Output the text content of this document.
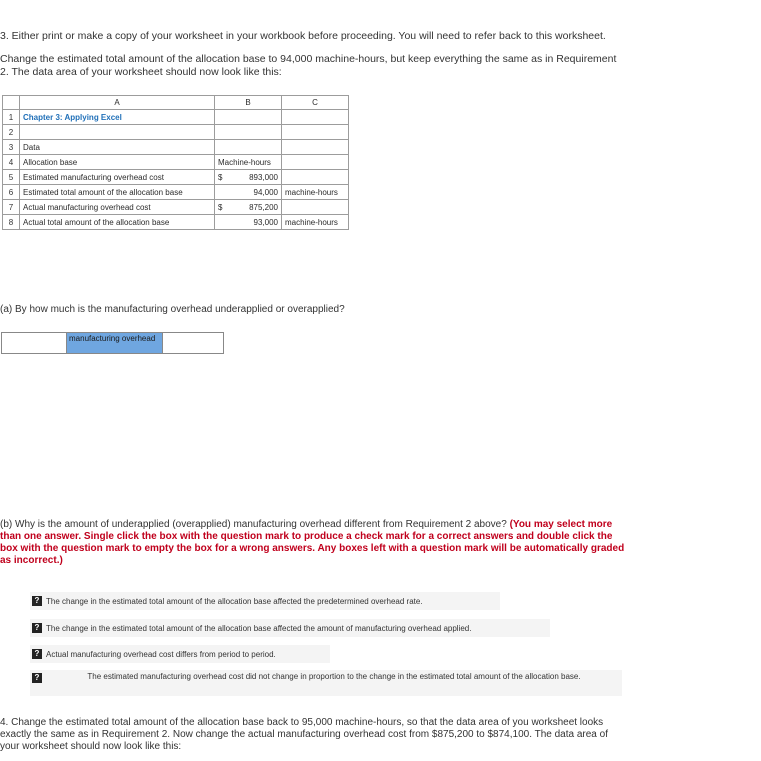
3. Either print or make a copy of your worksheet in your workbook before proceeding. You will need to refer back to this worksheet.
Change the estimated total amount of the allocation base to 94,000 machine-hours, but keep everything the same as in Requirement
2. The data area of your worksheet should now look like this:
	A	B	C
1	Chapter 3: Applying Excel		
2			
3	Data		
4	Allocation base	Machine-hours	
5	Estimated manufacturing overhead cost	$ 893,000	
6	Estimated total amount of the allocation base	94,000	machine-hours
7	Actual manufacturing overhead cost	$ 875,200	
8	Actual total amount of the allocation base	93,000	machine-hours
(a) By how much is the manufacturing overhead underapplied or overapplied?
manufacturing overhead
(b) Why is the amount of underapplied (overapplied) manufacturing overhead different from Requirement 2 above? (You may select more than one answer. Single click the box with the question mark to produce a check mark for a correct answers and double click the box with the question mark to empty the box for a wrong answers. Any boxes left with a question mark will be automatically graded as incorrect.)
? The change in the estimated total amount of the allocation base affected the predetermined overhead rate.
? The change in the estimated total amount of the allocation base affected the amount of manufacturing overhead applied.
? Actual manufacturing overhead cost differs from period to period.
?	The estimated manufacturing overhead cost did not change in proportion to the change in the estimated total amount of the allocation base.
4. Change the estimated total amount of the allocation base back to 95,000 machine-hours, so that the data area of you worksheet looks exactly the same as in Requirement 2. Now change the actual manufacturing overhead cost from $875,200 to $874,100. The data area of your worksheet should now look like this:
